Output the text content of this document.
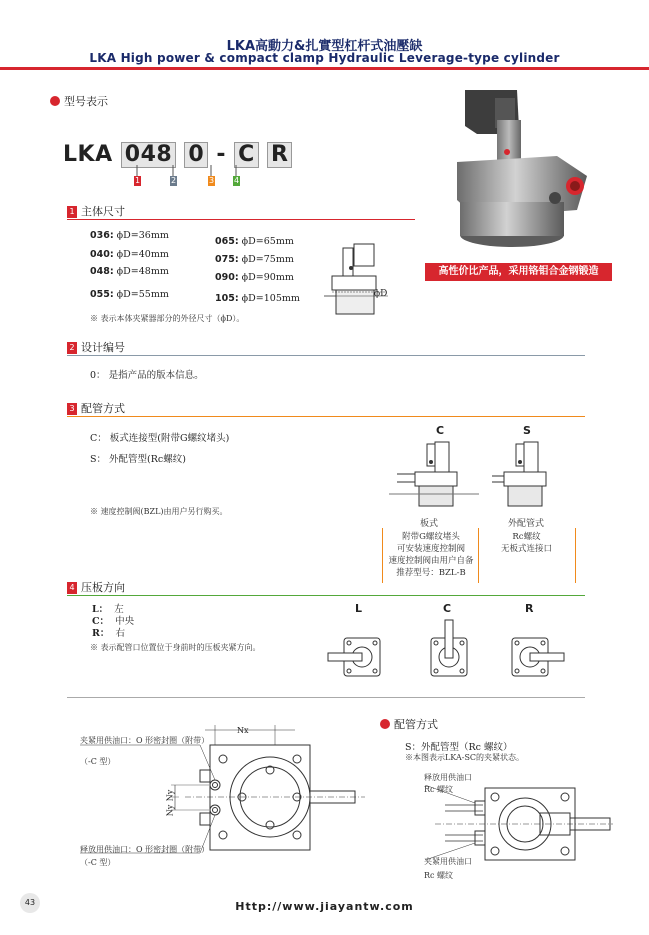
LKA高動力&扎實型杠杆式油壓缺
LKA High power & compact clamp Hydraulic Leverage-type cylinder
型号表示
LKA 048 0 - C R
1	2	3 4
高性价比产品，采用铬钼合金钢锻造
1 主体尺寸
036: ϕD=36mm
040: ϕD=40mm
048: ϕD=48mm
055: ϕD=55mm
065: ϕD=65mm
075: ϕD=75mm
090: ϕD=90mm
105: ϕD=105mm	ϕD
※ 表示本体夹紧器部分的外径尺寸（ϕD）。
2 设计编号
0： 是指产品的版本信息。
3 配管方式
C： 板式连接型(附带G螺纹堵头)
S： 外配管型(Rc螺纹)
※ 速度控制阀(BZL)由用户另行购买。
C	S
板式	外配管式
附带G螺纹堵头
可安装速度控制阀
速度控制阀由用户自备
推荐型号：BZL-B
Rc螺纹
无板式连接口
4 压板方向
L： 左
C： 中央
R： 右
※ 表示配管口位置位于身前时的压板夹紧方向。
L	C	R
Nx
Ny
Ny
夹紧用供油口：O 形密封圈（附带）
（-C 型）
释放用供油口：O 形密封圈（附带）
（-C 型）
配管方式
S：外配管型（Rc 螺纹）
※本图表示LKA-SC的夹紧状态。
释放用供油口
Rc 螺纹
夹紧用供油口
Rc 螺纹
43	Http://www.jiayantw.com
